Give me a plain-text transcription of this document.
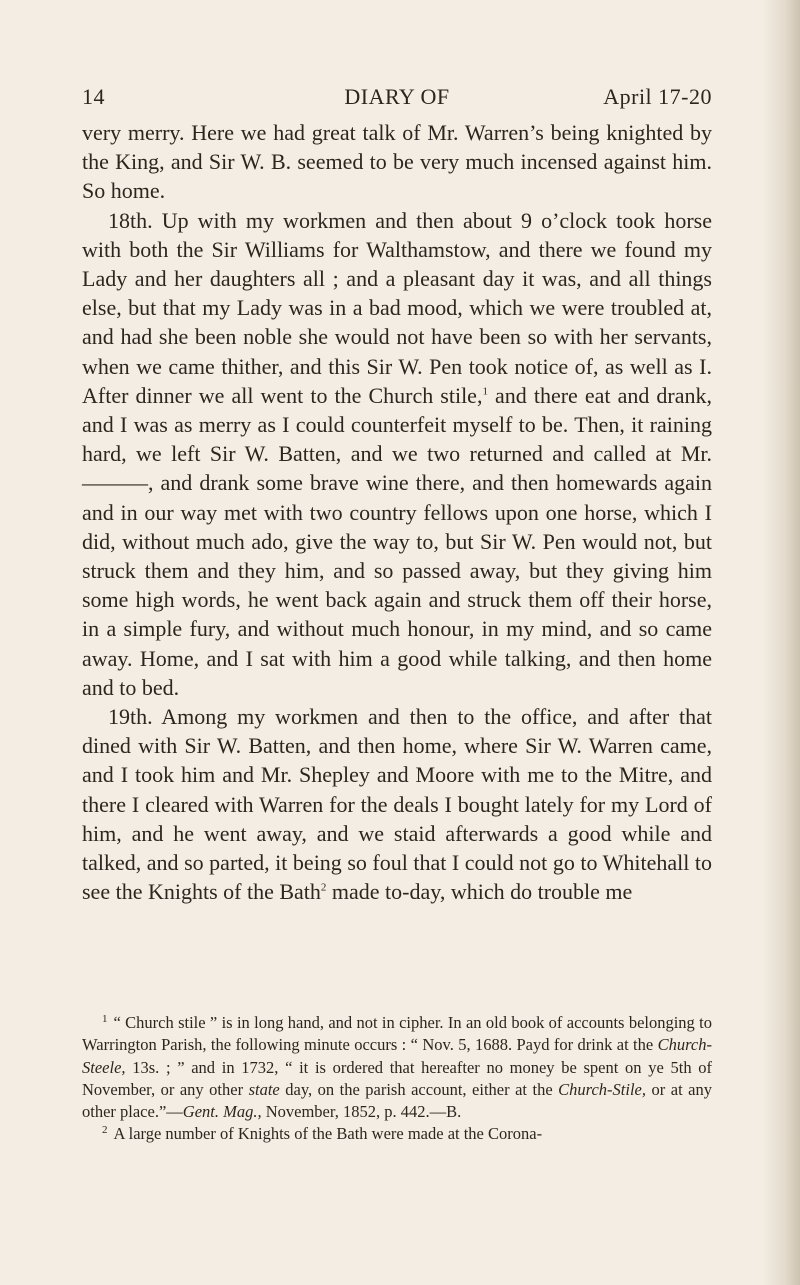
14	DIARY OF	April 17-20

very merry. Here we had great talk of Mr. Warren’s being knighted by the King, and Sir W. B. seemed to be very much incensed against him. So home.

18th. Up with my workmen and then about 9 o’clock took horse with both the Sir Williams for Walthamstow, and there we found my Lady and her daughters all ; and a pleasant day it was, and all things else, but that my Lady was in a bad mood, which we were troubled at, and had she been noble she would not have been so with her servants, when we came thither, and this Sir W. Pen took notice of, as well as I. After dinner we all went to the Church stile,$^1$ and there eat and drank, and I was as merry as I could counterfeit myself to be. Then, it raining hard, we left Sir W. Batten, and we two returned and called at Mr. ———, and drank some brave wine there, and then homewards again and in our way met with two country fellows upon one horse, which I did, without much ado, give the way to, but Sir W. Pen would not, but struck them and they him, and so passed away, but they giving him some high words, he went back again and struck them off their horse, in a simple fury, and without much honour, in my mind, and so came away. Home, and I sat with him a good while talking, and then home and to bed.

19th. Among my workmen and then to the office, and after that dined with Sir W. Batten, and then home, where Sir W. Warren came, and I took him and Mr. Shepley and Moore with me to the Mitre, and there I cleared with Warren for the deals I bought lately for my Lord of him, and he went away, and we staid afterwards a good while and talked, and so parted, it being so foul that I could not go to Whitehall to see the Knights of the Bath$^2$ made to-day, which do trouble me

$^1$ “ Church stile ” is in long hand, and not in cipher. In an old book of accounts belonging to Warrington Parish, the following minute occurs : “ Nov. 5, 1688. Payd for drink at the Church-Steele, 13s. ; ” and in 1732, “ it is ordered that hereafter no money be spent on ye 5th of November, or any other state day, on the parish account, either at the Church-Stile, or at any other place.”—Gent. Mag., November, 1852, p. 442.—B.

$^2$ A large number of Knights of the Bath were made at the Corona-
